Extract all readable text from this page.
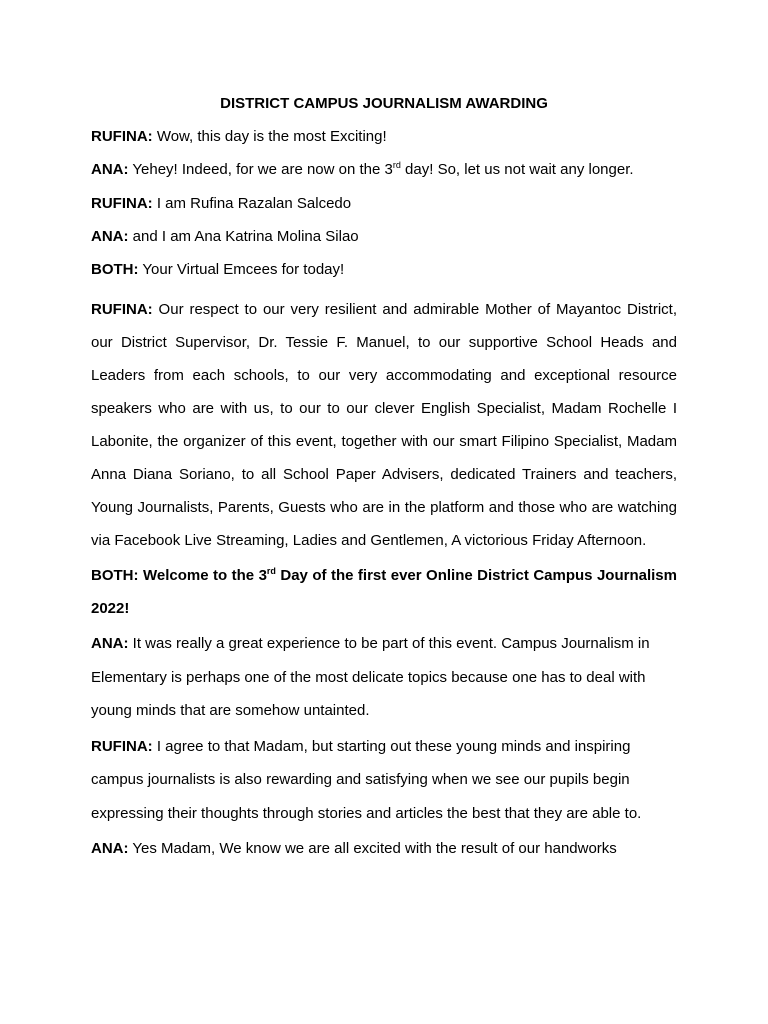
DISTRICT CAMPUS JOURNALISM AWARDING

RUFINA: Wow, this day is the most Exciting!

ANA: Yehey! Indeed, for we are now on the 3rd day! So, let us not wait any longer.

RUFINA: I am Rufina Razalan Salcedo

ANA: and I am Ana Katrina Molina Silao

BOTH: Your Virtual Emcees for today!

RUFINA: Our respect to our very resilient and admirable Mother of Mayantoc District, our District Supervisor, Dr. Tessie F. Manuel, to our supportive School Heads and Leaders from each schools, to our very accommodating and exceptional resource speakers who are with us, to our to our clever English Specialist, Madam Rochelle I Labonite, the organizer of this event, together with our smart Filipino Specialist, Madam Anna Diana Soriano, to all School Paper Advisers, dedicated Trainers and teachers, Young Journalists, Parents, Guests who are in the platform and those who are watching via Facebook Live Streaming, Ladies and Gentlemen, A victorious Friday Afternoon.

BOTH: Welcome to the 3rd Day of the first ever Online District Campus Journalism 2022!

ANA: It was really a great experience to be part of this event. Campus Journalism in Elementary is perhaps one of the most delicate topics because one has to deal with young minds that are somehow untainted.

RUFINA: I agree to that Madam, but starting out these young minds and inspiring campus journalists is also rewarding and satisfying when we see our pupils begin expressing their thoughts through stories and articles the best that they are able to.

ANA: Yes Madam, We know we are all excited with the result of our handworks
